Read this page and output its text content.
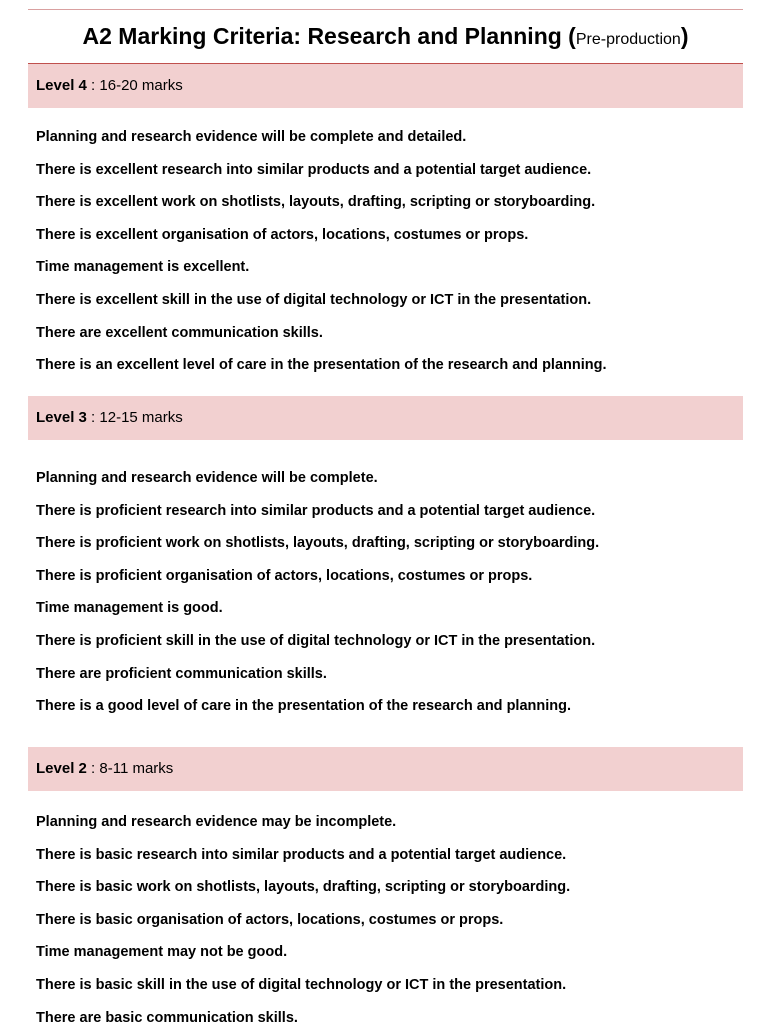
A2 Marking Criteria: Research and Planning (Pre-production)
Level 4 : 16-20 marks
Planning and research evidence will be complete and detailed.
There is excellent research into similar products and a potential target audience.
There is excellent work on shotlists, layouts, drafting, scripting or storyboarding.
There is excellent organisation of actors, locations, costumes or props.
Time management is excellent.
There is excellent skill in the use of digital technology or ICT in the presentation.
There are excellent communication skills.
There is an excellent level of care in the presentation of the research and planning.
Level 3 : 12-15 marks
Planning and research evidence will be complete.
There is proficient research into similar products and a potential target audience.
There is proficient work on shotlists, layouts, drafting, scripting or storyboarding.
There is proficient organisation of actors, locations, costumes or props.
Time management is good.
There is proficient skill in the use of digital technology or ICT in the presentation.
There are proficient communication skills.
There is a good level of care in the presentation of the research and planning.
Level 2 : 8-11 marks
Planning and research evidence may be incomplete.
There is basic research into similar products and a potential target audience.
There is basic work on shotlists, layouts, drafting, scripting or storyboarding.
There is basic organisation of actors, locations, costumes or props.
Time management may not be good.
There is basic skill in the use of digital technology or ICT in the presentation.
There are basic communication skills.
